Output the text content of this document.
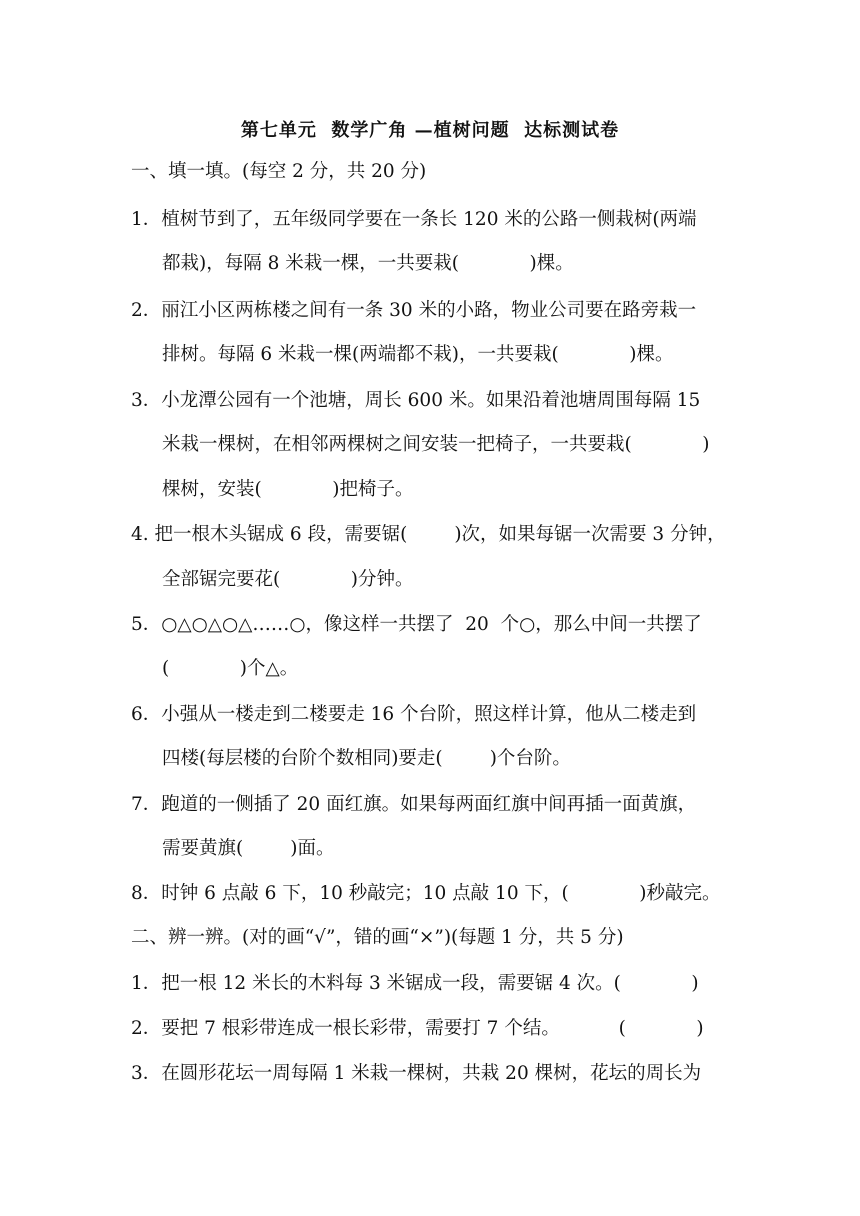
第七单元  数学广角 —植树问题  达标测试卷
一、填一填。(每空 2 分，共 20 分)
1．植树节到了，五年级同学要在一条长 120 米的公路一侧栽树(两端
都栽)，每隔 8 米栽一棵，一共要栽(            )棵。
2．丽江小区两栋楼之间有一条 30 米的小路，物业公司要在路旁栽一
排树。每隔 6 米栽一棵(两端都不栽)，一共要栽(            )棵。
3．小龙潭公园有一个池塘，周长 600 米。如果沿着池塘周围每隔 15
米栽一棵树，在相邻两棵树之间安装一把椅子，一共要栽(            )
棵树，安装(            )把椅子。
4. 把一根木头锯成 6 段，需要锯(        )次，如果每锯一次需要 3 分钟，
全部锯完要花(            )分钟。
5．○△○△○△……○，像这样一共摆了  20  个○，那么中间一共摆了
(            )个△。
6．小强从一楼走到二楼要走 16 个台阶，照这样计算，他从二楼走到
四楼(每层楼的台阶个数相同)要走(        )个台阶。
7．跑道的一侧插了 20 面红旗。如果每两面红旗中间再插一面黄旗，
需要黄旗(        )面。
8．时钟 6 点敲 6 下，10 秒敲完；10 点敲 10 下，(            )秒敲完。
二、辨一辨。(对的画“√”，错的画“×”)(每题 1 分，共 5 分)
1．把一根 12 米长的木料每 3 米锯成一段，需要锯 4 次。(            )
2．要把 7 根彩带连成一根长彩带，需要打 7 个结。          (            )
3．在圆形花坛一周每隔 1 米栽一棵树，共栽 20 棵树，花坛的周长为
